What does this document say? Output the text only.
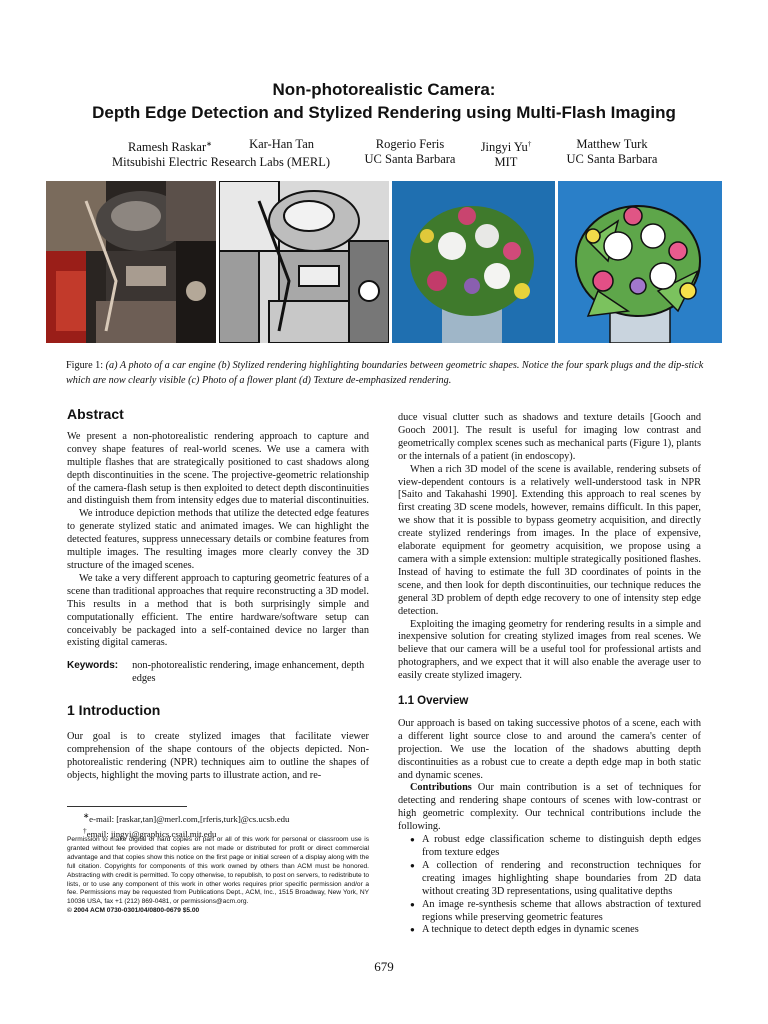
Non-photorealistic Camera:
Depth Edge Detection and Stylized Rendering using Multi-Flash Imaging
Ramesh Raskar∗	Kar-Han Tan
Mitsubishi Electric Research Labs (MERL)
Rogerio Feris
UC Santa Barbara
Jingyi Yu†
MIT
Matthew Turk
UC Santa Barbara
Figure 1: (a) A photo of a car engine (b) Stylized rendering highlighting boundaries between geometric shapes. Notice the four spark plugs and the dip-stick which are now clearly visible (c) Photo of a flower plant (d) Texture de-emphasized rendering.
Abstract

We present a non-photorealistic rendering approach to capture and convey shape features of real-world scenes. We use a camera with multiple flashes that are strategically positioned to cast shadows along depth discontinuities in the scene. The projective-geometric relationship of the camera-flash setup is then exploited to detect depth discontinuities and distinguish them from intensity edges due to material discontinuities.

We introduce depiction methods that utilize the detected edge features to generate stylized static and animated images. We can highlight the detected features, suppress unnecessary details or combine features from multiple images. The resulting images more clearly convey the 3D structure of the imaged scenes.

We take a very different approach to capturing geometric features of a scene than traditional approaches that require reconstructing a 3D model. This results in a method that is both surprisingly simple and computationally efficient. The entire hardware/software setup can conceivably be packaged into a self-contained device no larger than existing digital cameras.

Keywords: non-photorealistic rendering, image enhancement, depth edges
1 Introduction

Our goal is to create stylized images that facilitate viewer comprehension of the shape contours of the objects depicted. Non-photorealistic rendering (NPR) techniques aim to outline the shapes of objects, highlight the moving parts to illustrate action, and re-

∗e-mail: [raskar,tan]@merl.com,[rferis,turk]@cs.ucsb.edu
†email: jingyi@graphics.csail.mit.edu
Permission to make digital or hard copies of part or all of this work for personal or classroom use is granted without fee provided that copies are not made or distributed for profit or direct commercial advantage and that copies show this notice on the first page or initial screen of a display along with the full citation. Copyrights for components of this work owned by others than ACM must be honored. Abstracting with credit is permitted. To copy otherwise, to republish, to post on servers, to redistribute to lists, or to use any component of this work in other works requires prior specific permission and/or a fee. Permissions may be requested from Publications Dept., ACM, Inc., 1515 Broadway, New York, NY 10036 USA, fax +1 (212) 869-0481, or permissions@acm.org.
© 2004 ACM 0730-0301/04/0800-0679 $5.00

duce visual clutter such as shadows and texture details [Gooch and Gooch 2001]. The result is useful for imaging low contrast and geometrically complex scenes such as mechanical parts (Figure 1), plants or the internals of a patient (in endoscopy).

When a rich 3D model of the scene is available, rendering subsets of view-dependent contours is a relatively well-understood task in NPR [Saito and Takahashi 1990]. Extending this approach to real scenes by first creating 3D scene models, however, remains difficult. In this paper, we show that it is possible to bypass geometry acquisition, and directly create stylized renderings from images. In the place of expensive, elaborate equipment for geometry acquisition, we propose using a camera with a simple extension: multiple strategically positioned flashes. Instead of having to estimate the full 3D coordinates of points in the scene, and then look for depth discontinuities, our technique reduces the general 3D problem of depth edge recovery to one of intensity step edge detection.

Exploiting the imaging geometry for rendering results in a simple and inexpensive solution for creating stylized images from real scenes. We believe that our camera will be a useful tool for professional artists and photographers, and we expect that it will also enable the average user to easily create stylized imagery.

1.1 Overview

Our approach is based on taking successive photos of a scene, each with a different light source close to and around the camera's center of projection. We use the location of the shadows abutting depth discontinuities as a robust cue to create a depth edge map in both static and dynamic scenes.

Contributions Our main contribution is a set of techniques for detecting and rendering shape contours of scenes with low-contrast or high geometric complexity. Our technical contributions include the following.

● A robust edge classification scheme to distinguish depth edges from texture edges
● A collection of rendering and reconstruction techniques for creating images highlighting shape boundaries from 2D data without creating 3D representations, using qualitative depths
● An image re-synthesis scheme that allows abstraction of textured regions while preserving geometric features
● A technique to detect depth edges in dynamic scenes
679
